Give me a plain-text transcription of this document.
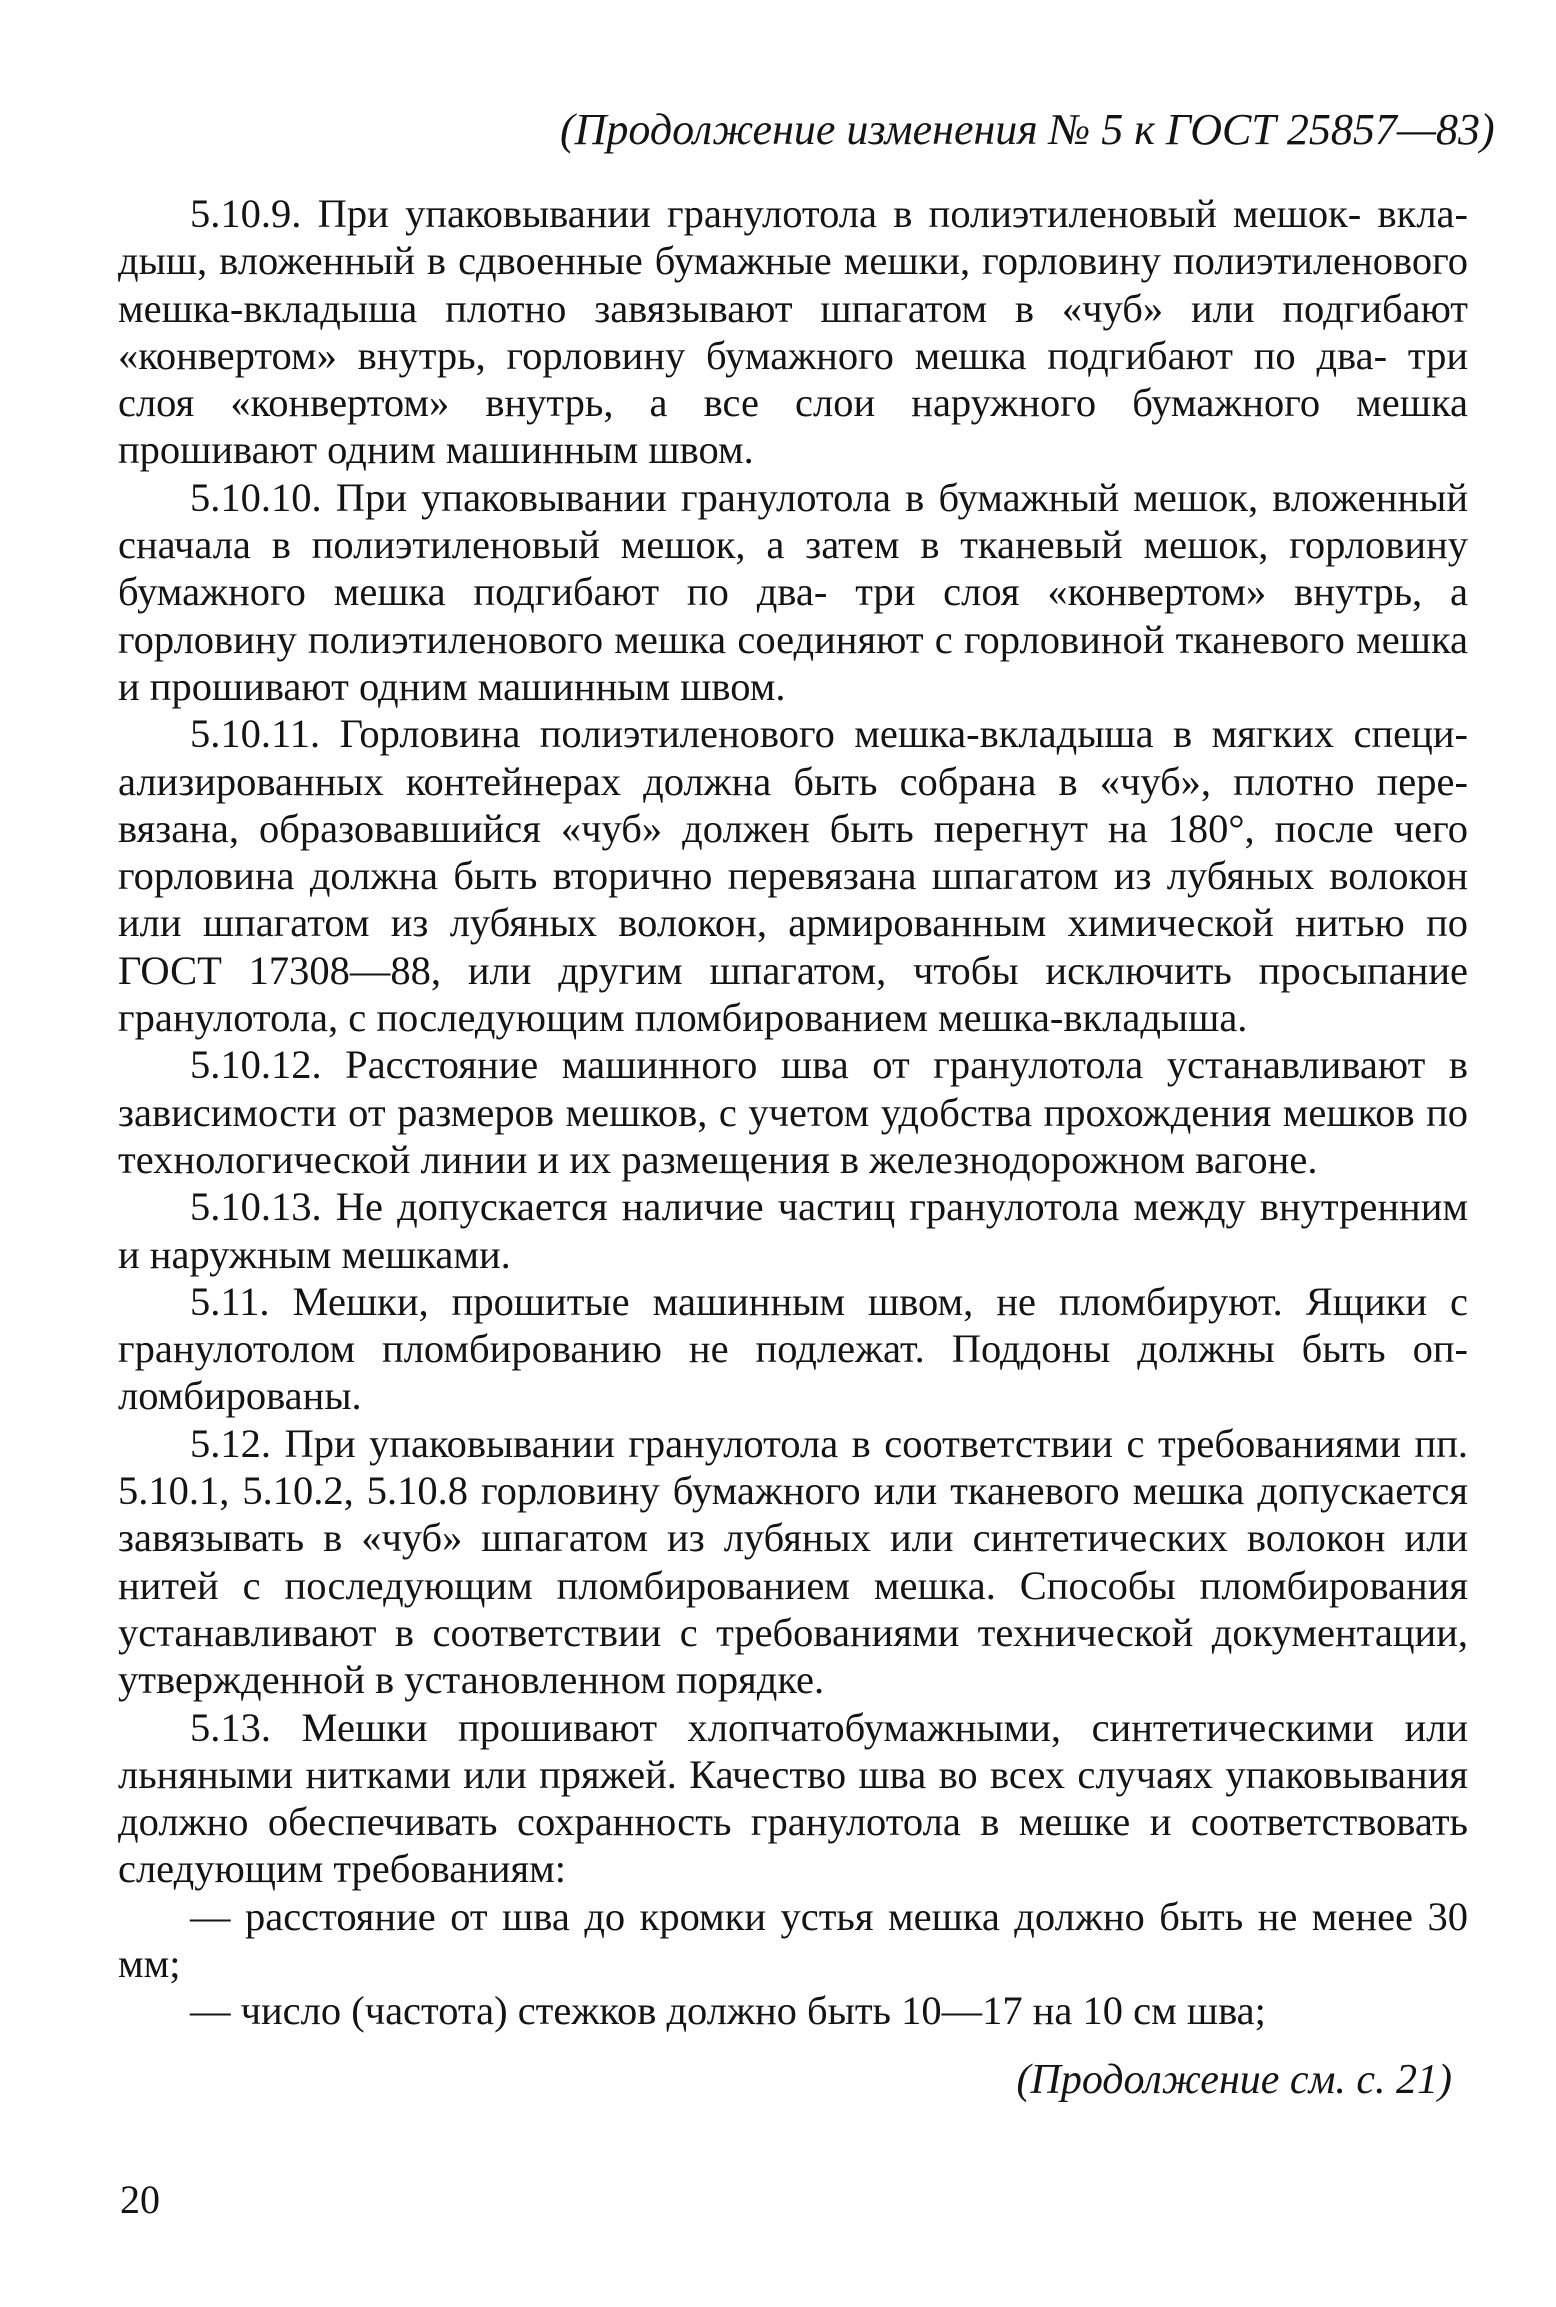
(Продолжение изменения № 5 к ГОСТ 25857—83)

5.10.9. При упаковывании гранулотола в полиэтиленовый мешок- вкладыш, вложенный в сдвоенные бумажные мешки, горловину полиэтиленового мешка-вкладыша плотно завязывают шпагатом в «чуб» или подгибают «конвертом» внутрь, горловину бумажного мешка подгибают по два- три слоя «конвертом» внутрь, а все слои наружного бумажного мешка прошивают одним машинным швом.

5.10.10. При упаковывании гранулотола в бумажный мешок, вложенный сначала в полиэтиленовый мешок, а затем в тканевый мешок, горловину бумажного мешка подгибают по два- три слоя «конвертом» внутрь, а горловину полиэтиленового мешка соединяют с горловиной тканевого мешка и прошивают одним машинным швом.

5.10.11. Горловина полиэтиленового мешка-вкладыша в мягких специализированных контейнерах должна быть собрана в «чуб», плотно перевязана, образовавшийся «чуб» должен быть перегнут на 180°, после чего горловина должна быть вторично перевязана шпагатом из лубяных волокон или шпагатом из лубяных волокон, армированным химической нитью по ГОСТ 17308—88, или другим шпагатом, чтобы исключить просыпание гранулотола, с последующим пломбированием мешка-вкладыша.

5.10.12. Расстояние машинного шва от гранулотола устанавливают в зависимости от размеров мешков, с учетом удобства прохождения мешков по технологической линии и их размещения в железнодорожном вагоне.

5.10.13. Не допускается наличие частиц гранулотола между внутренним и наружным мешками.

5.11. Мешки, прошитые машинным швом, не пломбируют. Ящики с гранулотолом пломбированию не подлежат. Поддоны должны быть опломбированы.

5.12. При упаковывании гранулотола в соответствии с требованиями пп. 5.10.1, 5.10.2, 5.10.8 горловину бумажного или тканевого мешка допускается завязывать в «чуб» шпагатом из лубяных или синтетических волокон или нитей с последующим пломбированием мешка. Способы пломбирования устанавливают в соответствии с требованиями технической документации, утвержденной в установленном порядке.

5.13. Мешки прошивают хлопчатобумажными, синтетическими или льняными нитками или пряжей. Качество шва во всех случаях упаковывания должно обеспечивать сохранность гранулотола в мешке и соответствовать следующим требованиям:

— расстояние от шва до кромки устья мешка должно быть не менее 30 мм;

— число (частота) стежков должно быть 10—17 на 10 см шва;

(Продолжение см. с. 21)
20
